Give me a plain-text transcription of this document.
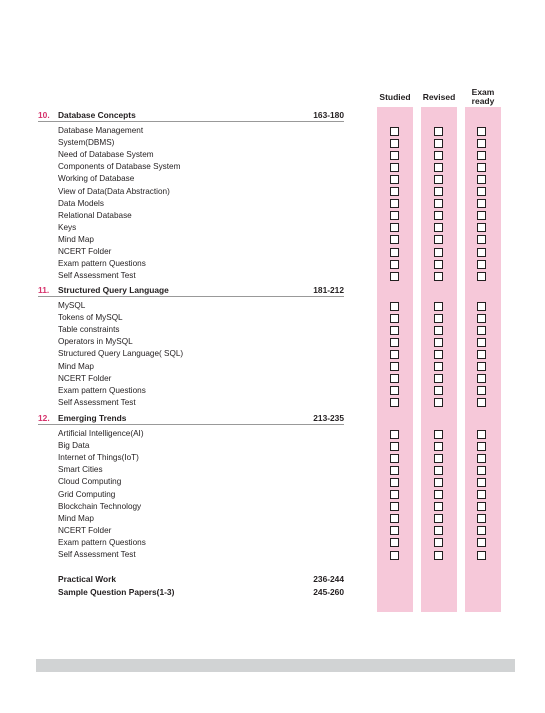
Studied	Revised	Exam
ready
10. Database Concepts	163-180
Database Management
System(DBMS)
Need of Database System
Components of Database System
Working of Database
View of Data(Data Abstraction)
Data Models
Relational Database
Keys
Mind Map
NCERT Folder
Exam pattern Questions
Self Assessment Test
11. Structured Query Language	181-212
MySQL
Tokens of MySQL
Table constraints
Operators in MySQL
Structured Query Language( SQL)
Mind Map
NCERT Folder
Exam pattern Questions
Self Assessment Test
12. Emerging Trends	213-235
Artificial Intelligence(AI)
Big Data
Internet of Things(IoT)
Smart Cities
Cloud Computing
Grid Computing
Blockchain Technology
Mind Map
NCERT Folder
Exam pattern Questions
Self Assessment Test
Practical Work	236-244
Sample Question Papers(1-3)	245-260
